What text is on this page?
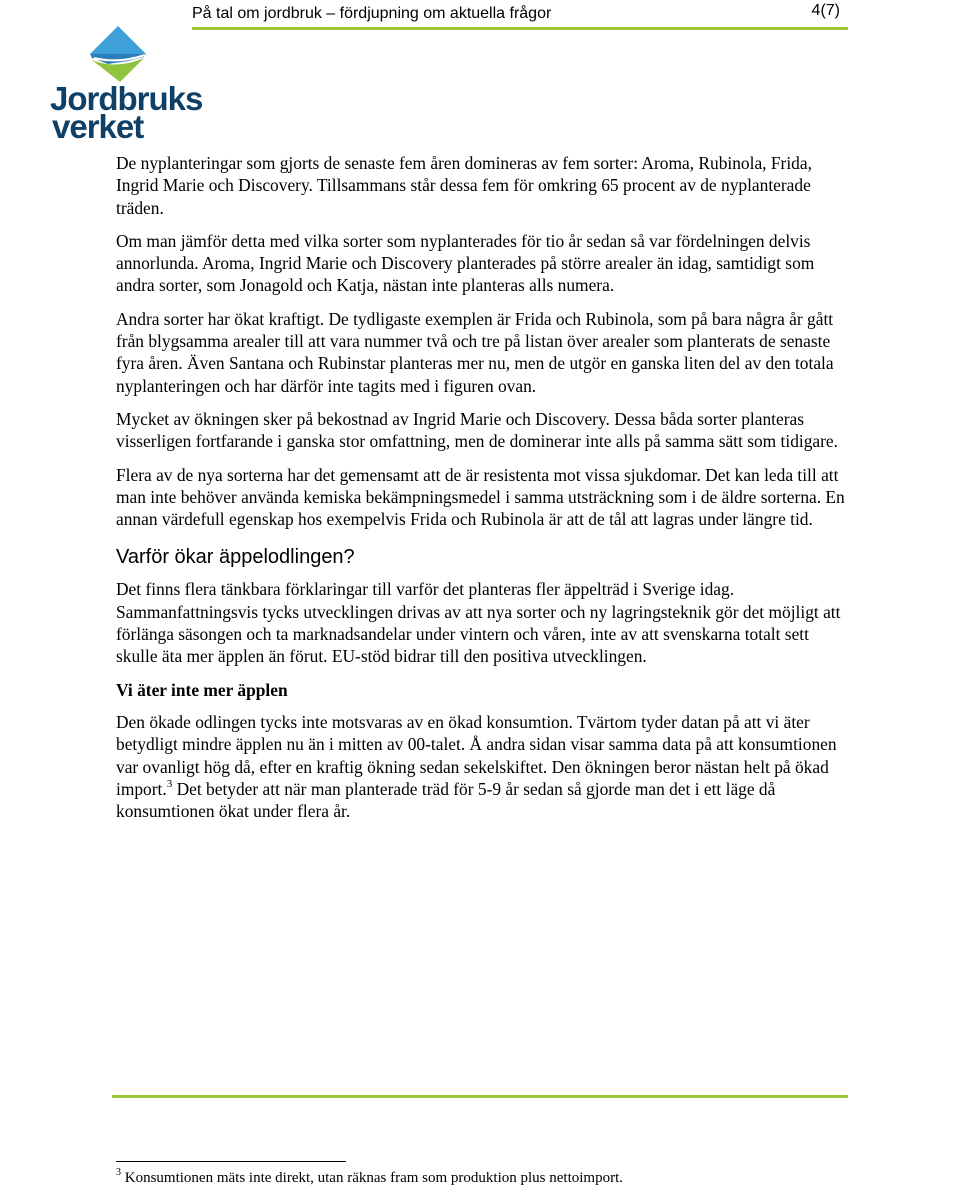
På tal om jordbruk – fördjupning om aktuella frågor	4(7)
Jordbruks
verket

De nyplanteringar som gjorts de senaste fem åren domineras av fem sorter: Aroma, Rubinola, Frida, Ingrid Marie och Discovery. Tillsammans står dessa fem för omkring 65 procent av de nyplanterade träden.

Om man jämför detta med vilka sorter som nyplanterades för tio år sedan så var fördelningen delvis annorlunda. Aroma, Ingrid Marie och Discovery planterades på större arealer än idag, samtidigt som andra sorter, som Jonagold och Katja, nästan inte planteras alls numera.

Andra sorter har ökat kraftigt. De tydligaste exemplen är Frida och Rubinola, som på bara några år gått från blygsamma arealer till att vara nummer två och tre på listan över arealer som planterats de senaste fyra åren. Även Santana och Rubinstar planteras mer nu, men de utgör en ganska liten del av den totala nyplanteringen och har därför inte tagits med i figuren ovan.

Mycket av ökningen sker på bekostnad av Ingrid Marie och Discovery. Dessa båda sorter planteras visserligen fortfarande i ganska stor omfattning, men de dominerar inte alls på samma sätt som tidigare.

Flera av de nya sorterna har det gemensamt att de är resistenta mot vissa sjukdomar. Det kan leda till att man inte behöver använda kemiska bekämpningsmedel i samma utsträckning som i de äldre sorterna. En annan värdefull egenskap hos exempelvis Frida och Rubinola är att de tål att lagras under längre tid.

Varför ökar äppelodlingen?

Det finns flera tänkbara förklaringar till varför det planteras fler äppelträd i Sverige idag. Sammanfattningsvis tycks utvecklingen drivas av att nya sorter och ny lagringsteknik gör det möjligt att förlänga säsongen och ta marknadsandelar under vintern och våren, inte av att svenskarna totalt sett skulle äta mer äpplen än förut. EU-stöd bidrar till den positiva utvecklingen.

Vi äter inte mer äpplen

Den ökade odlingen tycks inte motsvaras av en ökad konsumtion. Tvärtom tyder datan på att vi äter betydligt mindre äpplen nu än i mitten av 00-talet. Å andra sidan visar samma data på att konsumtionen var ovanligt hög då, efter en kraftig ökning sedan sekelskiftet. Den ökningen beror nästan helt på ökad import.$^3$ Det betyder att när man planterade träd för 5-9 år sedan så gjorde man det i ett läge då konsumtionen ökat under flera år.

$^3$ Konsumtionen mäts inte direkt, utan räknas fram som produktion plus nettoimport.
